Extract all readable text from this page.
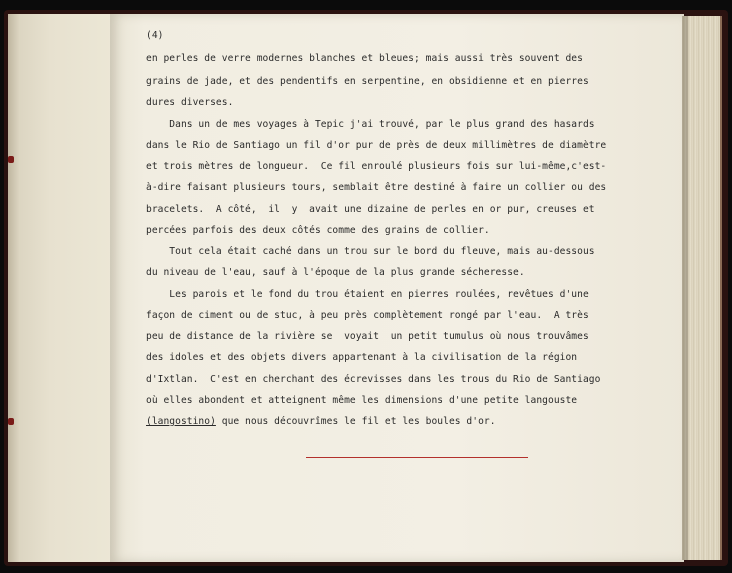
(4)
en perles de verre modernes blanches et bleues; mais aussi très souvent des
grains de jade, et des pendentifs en serpentine, en obsidienne et en pierres
dures diverses.
Dans un de mes voyages à Tepic j'ai trouvé, par le plus grand des hasards
dans le Rio de Santiago un fil d'or pur de près de deux millimètres de diamètre
et trois mètres de longueur.  Ce fil enroulé plusieurs fois sur lui-même,c'est-
à-dire faisant plusieurs tours, semblait être destiné à faire un collier ou des
bracelets.  A côté,  il  y  avait une dizaine de perles en or pur, creuses et
percées parfois des deux côtés comme des grains de collier.
Tout cela était caché dans un trou sur le bord du fleuve, mais au-dessous
du niveau de l'eau, sauf à l'époque de la plus grande sécheresse.
Les parois et le fond du trou étaient en pierres roulées, revêtues d'une
façon de ciment ou de stuc, à peu près complètement rongé par l'eau.  A très
peu de distance de la rivière se  voyait  un petit tumulus où nous trouvâmes
des idoles et des objets divers appartenant à la civilisation de la région
d'Ixtlan.  C'est en cherchant des écrevisses dans les trous du Rio de Santiago
où elles abondent et atteignent même les dimensions d'une petite langouste
(langostino) que nous découvrîmes le fil et les boules d'or.
